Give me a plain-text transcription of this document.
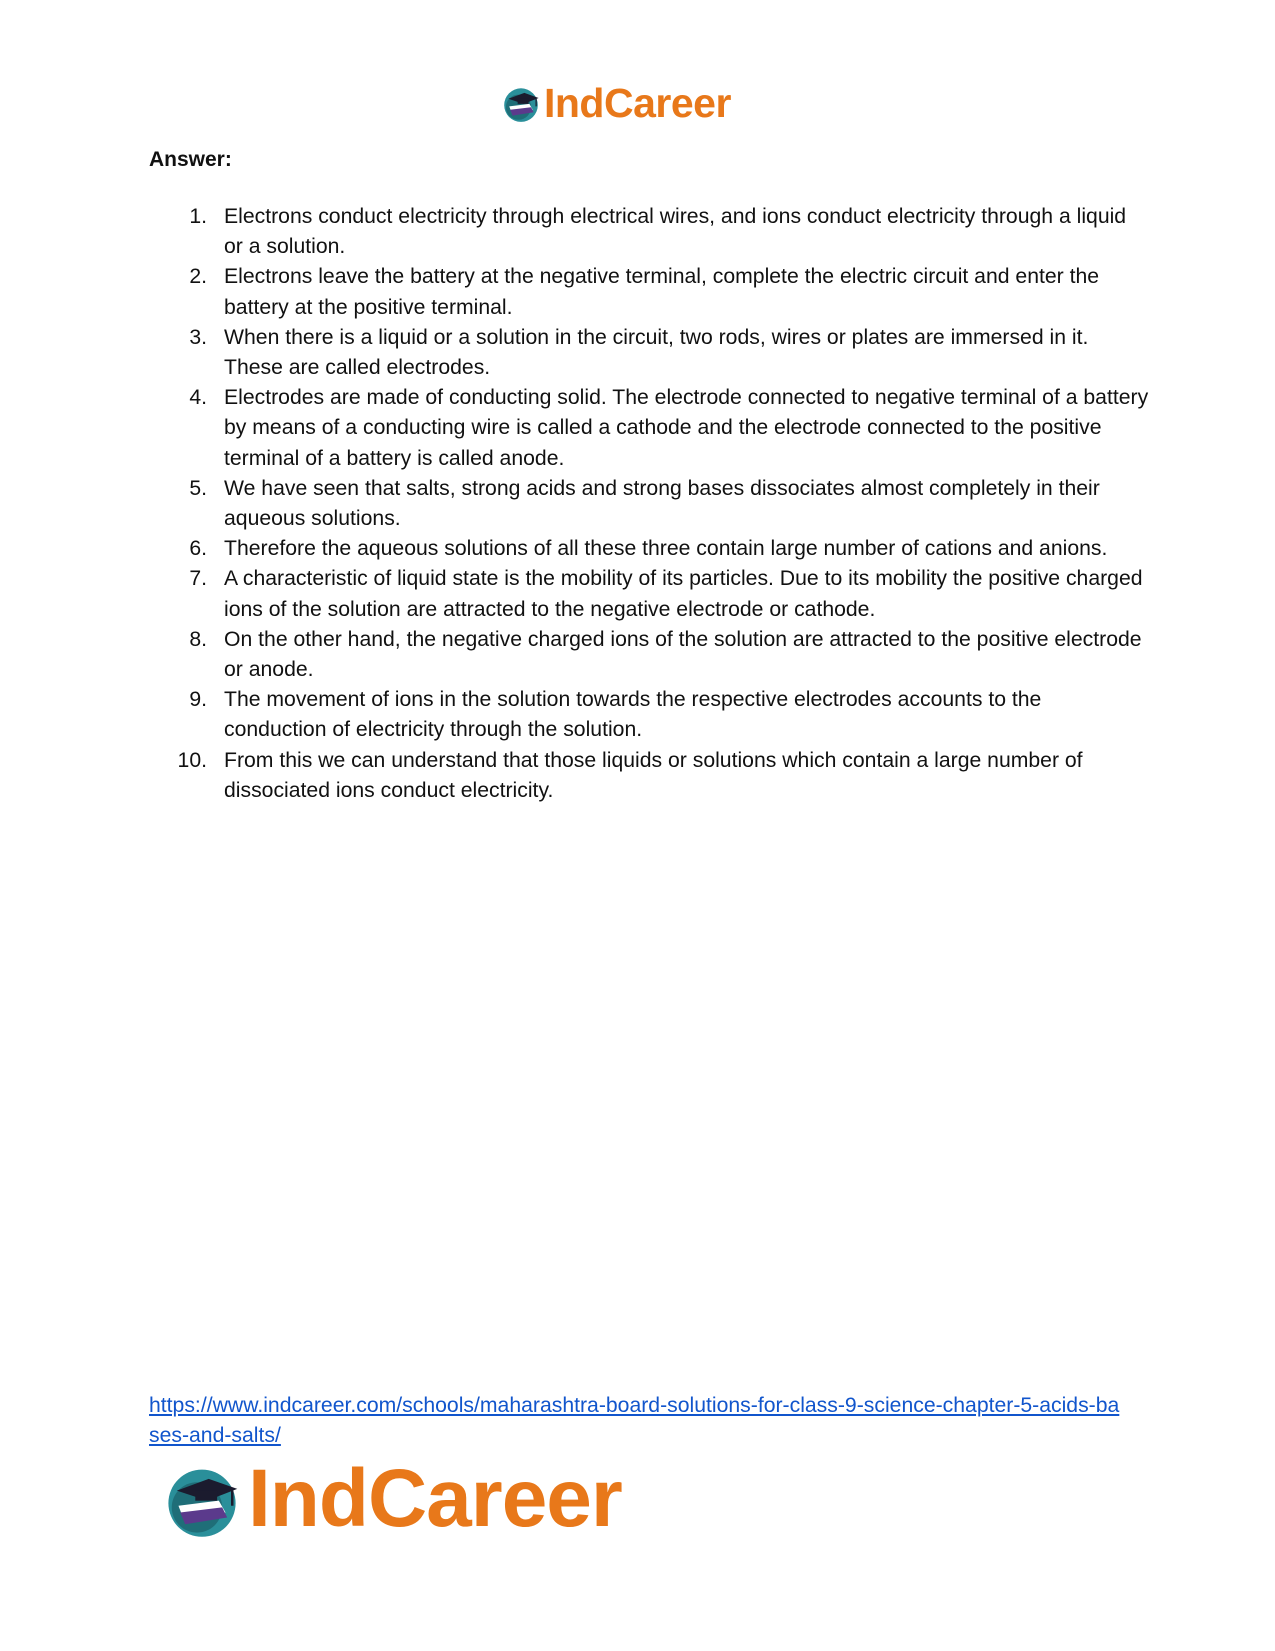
IndCareer
Answer:
1. Electrons conduct electricity through electrical wires, and ions conduct electricity through a liquid or a solution.
2. Electrons leave the battery at the negative terminal, complete the electric circuit and enter the battery at the positive terminal.
3. When there is a liquid or a solution in the circuit, two rods, wires or plates are immersed in it. These are called electrodes.
4. Electrodes are made of conducting solid. The electrode connected to negative terminal of a battery by means of a conducting wire is called a cathode and the electrode connected to the positive terminal of a battery is called anode.
5. We have seen that salts, strong acids and strong bases dissociates almost completely in their aqueous solutions.
6. Therefore the aqueous solutions of all these three contain large number of cations and anions.
7. A characteristic of liquid state is the mobility of its particles. Due to its mobility the positive charged ions of the solution are attracted to the negative electrode or cathode.
8. On the other hand, the negative charged ions of the solution are attracted to the positive electrode or anode.
9. The movement of ions in the solution towards the respective electrodes accounts to the conduction of electricity through the solution.
10. From this we can understand that those liquids or solutions which contain a large number of dissociated ions conduct electricity.
https://www.indcareer.com/schools/maharashtra-board-solutions-for-class-9-science-chapter-5-acids-bases-and-salts/
IndCareer
